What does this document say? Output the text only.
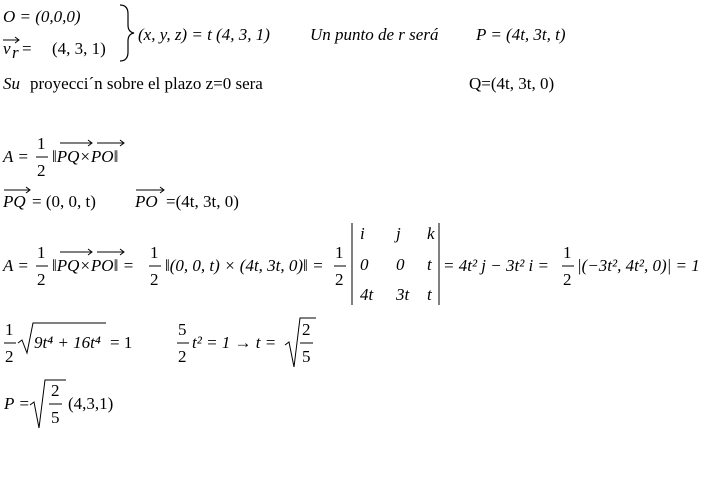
O = (0,0,0)
v r = (4, 3, 1)
(x, y, z) = t (4, 3, 1) Un punto de r será P = (4t, 3t, t)
Su proyecci´n sobre el plazo z=0 sera	Q=(4t, 3t, 0)
A =
1
2
‖PQ×PO‖
PQ = (0, 0, t) PO =(4t, 3t, 0)
A =
1
2
‖PQ×PO‖ =
1
2
‖(0, 0, t) × (4t, 3t, 0)‖ =
1
2
i j k
0 0 t
4t 3t t
= 4t² j − 3t² i =
1
2
|(−3t², 4t², 0)| = 1
1
2
9t⁴ + 16t⁴ = 1
5
2
t² = 1 → t =
2
5
P =
2
5
(4,3,1)
